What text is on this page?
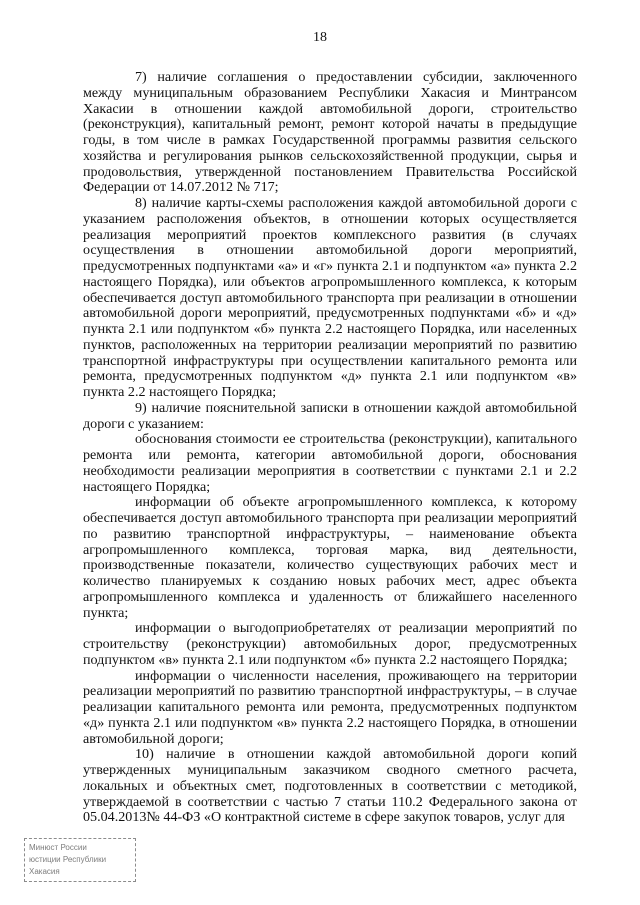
18

7) наличие соглашения о предоставлении субсидии, заключенного между муниципальным образованием Республики Хакасия и Минтрансом Хакасии в отношении каждой автомобильной дороги, строительство (реконструкция), капитальный ремонт, ремонт которой начаты в предыдущие годы, в том числе в рамках Государственной программы развития сельского хозяйства и регулирования рынков сельскохозяйственной продукции, сырья и продовольствия, утвержденной постановлением Правительства Российской Федерации от 14.07.2012 № 717;

8) наличие карты-схемы расположения каждой автомобильной дороги с указанием расположения объектов, в отношении которых осуществляется реализация мероприятий проектов комплексного развития (в случаях осуществления в отношении автомобильной дороги мероприятий, предусмотренных подпунктами «а» и «г» пункта 2.1 и подпунктом «а» пункта 2.2 настоящего Порядка), или объектов агропромышленного комплекса, к которым обеспечивается доступ автомобильного транспорта при реализации в отношении автомобильной дороги мероприятий, предусмотренных подпунктами «б» и «д» пункта 2.1 или подпунктом «б» пункта 2.2 настоящего Порядка, или населенных пунктов, расположенных на территории реализации мероприятий по развитию транспортной инфраструктуры при осуществлении капитального ремонта или ремонта, предусмотренных подпунктом «д» пункта 2.1 или подпунктом «в» пункта 2.2 настоящего Порядка;

9) наличие пояснительной записки в отношении каждой автомобильной дороги с указанием:

обоснования стоимости ее строительства (реконструкции), капитального ремонта или ремонта, категории автомобильной дороги, обоснования необходимости реализации мероприятия в соответствии с пунктами 2.1 и 2.2 настоящего Порядка;

информации об объекте агропромышленного комплекса, к которому обеспечивается доступ автомобильного транспорта при реализации мероприятий по развитию транспортной инфраструктуры, – наименование объекта агропромышленного комплекса, торговая марка, вид деятельности, производственные показатели, количество существующих рабочих мест и количество планируемых к созданию новых рабочих мест, адрес объекта агропромышленного комплекса и удаленность от ближайшего населенного пункта;

информации о выгодоприобретателях от реализации мероприятий по строительству (реконструкции) автомобильных дорог, предусмотренных подпунктом «в» пункта 2.1 или подпунктом «б» пункта 2.2 настоящего Порядка;

информации о численности населения, проживающего на территории реализации мероприятий по развитию транспортной инфраструктуры, – в случае реализации капитального ремонта или ремонта, предусмотренных подпунктом «д» пункта 2.1 или подпунктом «в» пункта 2.2 настоящего Порядка, в отношении автомобильной дороги;

10) наличие в отношении каждой автомобильной дороги копий утвержденных муниципальным заказчиком сводного сметного расчета, локальных и объектных смет, подготовленных в соответствии с методикой, утверждаемой в соответствии с частью 7 статьи 110.2 Федерального закона от 05.04.2013№ 44-ФЗ «О контрактной системе в сфере закупок товаров, услуг для

Минюст России
юстиции Республики
Хакасия
